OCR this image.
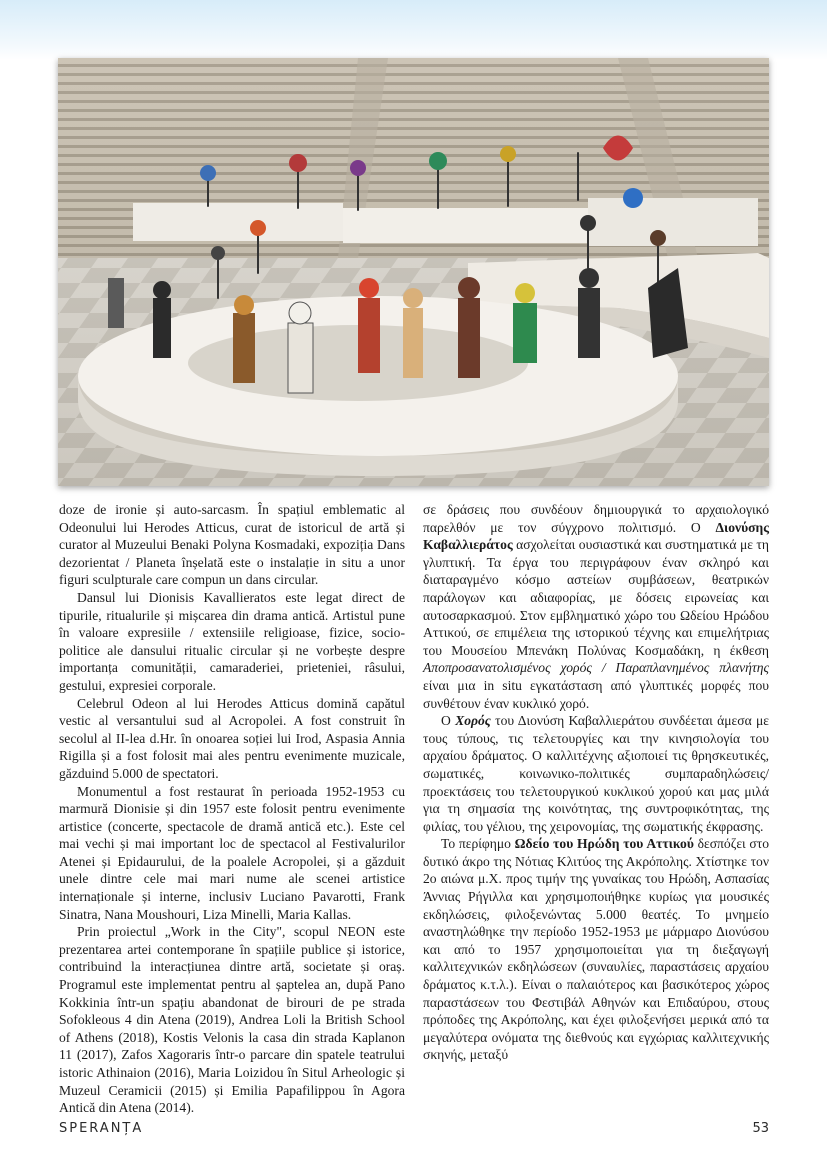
doze de ironie și auto-sarcasm. În spațiul emblematic al Odeonului lui Herodes Atticus, curat de istoricul de artă și curator al Muzeului Benaki Polyna Kosmadaki, expoziția Dans dezorientat / Planeta înșelată este o instalație in situ a unor figuri sculpturale care compun un dans circular.

Dansul lui Dionisis Kavallieratos este legat direct de tipurile, ritualurile și mișcarea din drama antică. Artistul pune în valoare expresiile / extensiile religioase, fizice, socio-politice ale dansului ritualic circular și ne vorbește despre importanța comunității, camaraderiei, prieteniei, râsului, gestului, expresiei corporale.

Celebrul Odeon al lui Herodes Atticus domină capătul vestic al versantului sud al Acropolei. A fost construit în secolul al II-lea d.Hr. în onoarea soției lui Irod, Aspasia Annia Rigilla și a fost folosit mai ales pentru evenimente muzicale, găzduind 5.000 de spectatori.

Monumentul a fost restaurat în perioada 1952-1953 cu marmură Dionisie și din 1957 este folosit pentru evenimente artistice (concerte, spectacole de dramă antică etc.). Este cel mai vechi și mai important loc de spectacol al Festivalurilor Atenei și Epidaurului, de la poalele Acropolei, și a găzduit unele dintre cele mai mari nume ale scenei artistice internaționale și interne, inclusiv Luciano Pavarotti, Frank Sinatra, Nana Moushouri, Liza Minelli, Maria Kallas.

Prin proiectul „Work in the City", scopul NEON este prezentarea artei contemporane în spațiile publice și istorice, contribuind la interacțiunea dintre artă, societate și oraș. Programul este implementat pentru al șaptelea an, după Pano Kokkinia într-un spațiu abandonat de birouri de pe strada Sofokleous 4 din Atena (2019), Andrea Loli la British School of Athens (2018), Kostis Velonis la casa din strada Kaplanon 11 (2017), Zafos Xagoraris într-o parcare din spatele teatrului istoric Athinaion (2016), Maria Loizidou în Situl Arheologic și Muzeul Ceramicii (2015) și Emilia Papafilippou în Agora Antică din Atena (2014).

σε δράσεις που συνδέουν δημιουργικά το αρχαιολογικό παρελθόν με τον σύγχρονο πολιτισμό. Ο Διονύσης Καβαλλιεράτος ασχολείται ουσιαστικά και συστηματικά με τη γλυπτική. Τα έργα του περιγράφουν έναν σκληρό και διαταραγμένο κόσμο αστείων συμβάσεων, θεατρικών παράλογων και αδιαφορίας, με δόσεις ειρωνείας και αυτοσαρκασμού. Στον εμβληματικό χώρο του Ωδείου Ηρώδου Αττικού, σε επιμέλεια της ιστορικού τέχνης και επιμελήτριας του Μουσείου Μπενάκη Πολύνας Κοσμαδάκη, η έκθεση Αποπροσανατολισμένος χορός / Παραπλανημένος πλανήτης είναι μια in situ εγκατάσταση από γλυπτικές μορφές που συνθέτουν έναν κυκλικό χορό.

Ο Χορός του Διονύση Καβαλλιεράτου συνδέεται άμεσα με τους τύπους, τις τελετουργίες και την κινησιολογία του αρχαίου δράματος. Ο καλλιτέχνης αξιοποιεί τις θρησκευτικές, σωματικές, κοινωνικο-πολιτικές συμπαραδηλώσεις/προεκτάσεις του τελετουργικού κυκλικού χορού και μας μιλά για τη σημασία της κοινότητας, της συντροφικότητας, της φιλίας, του γέλιου, της χειρονομίας, της σωματικής έκφρασης.

Το περίφημο Ωδείο του Ηρώδη του Αττικού δεσπόζει στο δυτικό άκρο της Νότιας Κλιτύος της Ακρόπολης. Χτίστηκε τον 2ο αιώνα μ.Χ. προς τιμήν της γυναίκας του Ηρώδη, Ασπασίας Άννιας Ρήγιλλα και χρησιμοποιήθηκε κυρίως για μουσικές εκδηλώσεις, φιλοξενώντας 5.000 θεατές. Το μνημείο αναστηλώθηκε την περίοδο 1952-1953 με μάρμαρο Διονύσου και από το 1957 χρησιμοποιείται για τη διεξαγωγή καλλιτεχνικών εκδηλώσεων (συναυλίες, παραστάσεις αρχαίου δράματος κ.τ.λ.). Είναι ο παλαιότερος και βασικότερος χώρος παραστάσεων του Φεστιβάλ Αθηνών και Επιδαύρου, στους πρόποδες της Ακρόπολης, και έχει φιλοξενήσει μερικά από τα μεγαλύτερα ονόματα της διεθνούς και εγχώριας καλλιτεχνικής σκηνής, μεταξύ

SPERANȚA	53
